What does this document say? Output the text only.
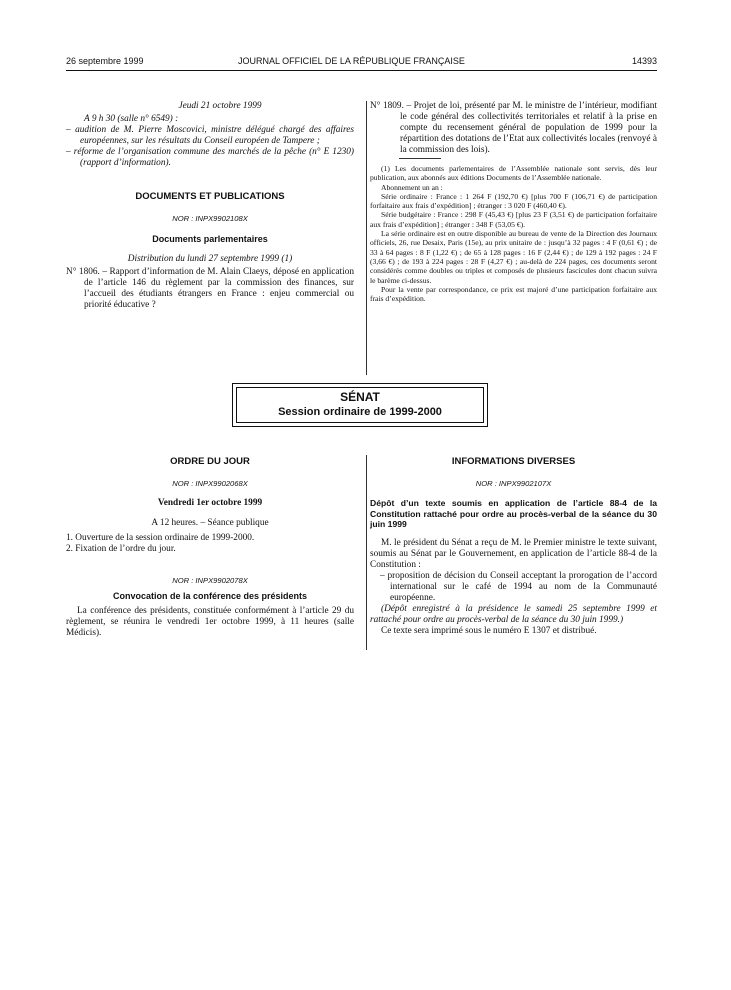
26 septembre 1999	JOURNAL OFFICIEL DE LA RÉPUBLIQUE FRANÇAISE	14393
Jeudi 21 octobre 1999
A 9 h 30 (salle n° 6549) :

– audition de M. Pierre Moscovici, ministre délégué chargé des affaires européennes, sur les résultats du Conseil européen de Tampere ;

– réforme de l’organisation commune des marchés de la pêche (n° E 1230) (rapport d’information).

DOCUMENTS ET PUBLICATIONS
NOR : INPX9902108X
Documents parlementaires
Distribution du lundi 27 septembre 1999 (1)

N° 1806. – Rapport d’information de M. Alain Claeys, déposé en application de l’article 146 du règlement par la commission des finances, sur l’accueil des étudiants étrangers en France : enjeu commercial ou priorité éducative ?

N° 1809. – Projet de loi, présenté par M. le ministre de l’intérieur, modifiant le code général des collectivités territoriales et relatif à la prise en compte du recensement général de population de 1999 pour la répartition des dotations de l’Etat aux collectivités locales (renvoyé à la commission des lois).

(1) Les documents parlementaires de l’Assemblée nationale sont servis, dès leur publication, aux abonnés aux éditions Documents de l’Assemblée nationale.

Abonnement un an :

Série ordinaire : France : 1 264 F (192,70 €) [plus 700 F (106,71 €) de participation forfaitaire aux frais d’expédition] ; étranger : 3 020 F (460,40 €).

Série budgétaire : France : 298 F (45,43 €) [plus 23 F (3,51 €) de participation forfaitaire aux frais d’expédition] ; étranger : 348 F (53,05 €).

La série ordinaire est en outre disponible au bureau de vente de la Direction des Journaux officiels, 26, rue Desaix, Paris (15e), au prix unitaire de : jusqu’à 32 pages : 4 F (0,61 €) ; de 33 à 64 pages : 8 F (1,22 €) ; de 65 à 128 pages : 16 F (2,44 €) ; de 129 à 192 pages : 24 F (3,66 €) ; de 193 à 224 pages : 28 F (4,27 €) ; au-delà de 224 pages, ces documents seront considérés comme doubles ou triples et composés de plusieurs fascicules dont chacun suivra le barème ci-dessus.

Pour la vente par correspondance, ce prix est majoré d’une participation forfaitaire aux frais d’expédition.

SÉNAT
Session ordinaire de 1999-2000
ORDRE DU JOUR
NOR : INPX9902068X
Vendredi 1er octobre 1999
A 12 heures. – Séance publique

1. Ouverture de la session ordinaire de 1999-2000.

2. Fixation de l’ordre du jour.

NOR : INPX9902078X
Convocation de la conférence des présidents

La conférence des présidents, constituée conformément à l’article 29 du règlement, se réunira le vendredi 1er octobre 1999, à 11 heures (salle Médicis).

INFORMATIONS DIVERSES
NOR : INPX9902107X
Dépôt d’un texte soumis en application de l’article 88-4 de la Constitution rattaché pour ordre au procès-verbal de la séance du 30 juin 1999

M. le président du Sénat a reçu de M. le Premier ministre le texte suivant, soumis au Sénat par le Gouvernement, en application de l’article 88-4 de la Constitution :

– proposition de décision du Conseil acceptant la prorogation de l’accord international sur le café de 1994 au nom de la Communauté européenne.

(Dépôt enregistré à la présidence le samedi 25 septembre 1999 et rattaché pour ordre au procès-verbal de la séance du 30 juin 1999.)

Ce texte sera imprimé sous le numéro E 1307 et distribué.
